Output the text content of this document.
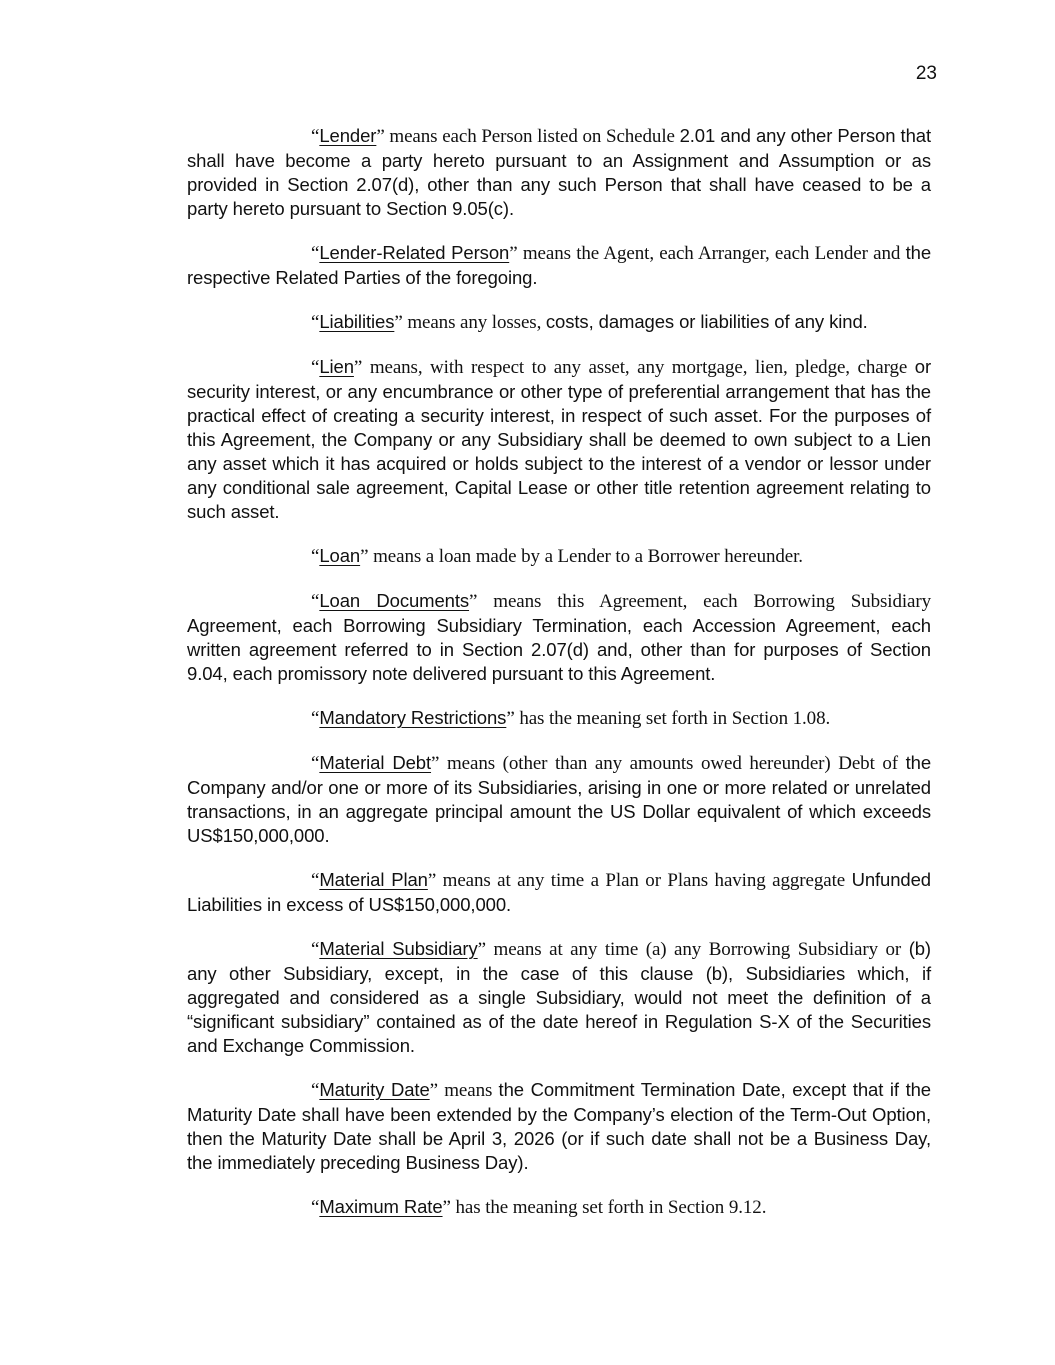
23

“Lender” means each Person listed on Schedule 2.01 and any other Person that shall have become a party hereto pursuant to an Assignment and Assumption or as provided in Section 2.07(d), other than any such Person that shall have ceased to be a party hereto pursuant to Section 9.05(c).

“Lender-Related Person” means the Agent, each Arranger, each Lender and the respective Related Parties of the foregoing.

“Liabilities” means any losses, costs, damages or liabilities of any kind.

“Lien” means, with respect to any asset, any mortgage, lien, pledge, charge or security interest, or any encumbrance or other type of preferential arrangement that has the practical effect of creating a security interest, in respect of such asset. For the purposes of this Agreement, the Company or any Subsidiary shall be deemed to own subject to a Lien any asset which it has acquired or holds subject to the interest of a vendor or lessor under any conditional sale agreement, Capital Lease or other title retention agreement relating to such asset.

“Loan” means a loan made by a Lender to a Borrower hereunder.

“Loan Documents” means this Agreement, each Borrowing Subsidiary Agreement, each Borrowing Subsidiary Termination, each Accession Agreement, each written agreement referred to in Section 2.07(d) and, other than for purposes of Section 9.04, each promissory note delivered pursuant to this Agreement.

“Mandatory Restrictions” has the meaning set forth in Section 1.08.

“Material Debt” means (other than any amounts owed hereunder) Debt of the Company and/or one or more of its Subsidiaries, arising in one or more related or unrelated transactions, in an aggregate principal amount the US Dollar equivalent of which exceeds US$150,000,000.

“Material Plan” means at any time a Plan or Plans having aggregate Unfunded Liabilities in excess of US$150,000,000.

“Material Subsidiary” means at any time (a) any Borrowing Subsidiary or (b) any other Subsidiary, except, in the case of this clause (b), Subsidiaries which, if aggregated and considered as a single Subsidiary, would not meet the definition of a “significant subsidiary” contained as of the date hereof in Regulation S-X of the Securities and Exchange Commission.

“Maturity Date” means the Commitment Termination Date, except that if the Maturity Date shall have been extended by the Company’s election of the Term-Out Option, then the Maturity Date shall be April 3, 2026 (or if such date shall not be a Business Day, the immediately preceding Business Day).

“Maximum Rate” has the meaning set forth in Section 9.12.
